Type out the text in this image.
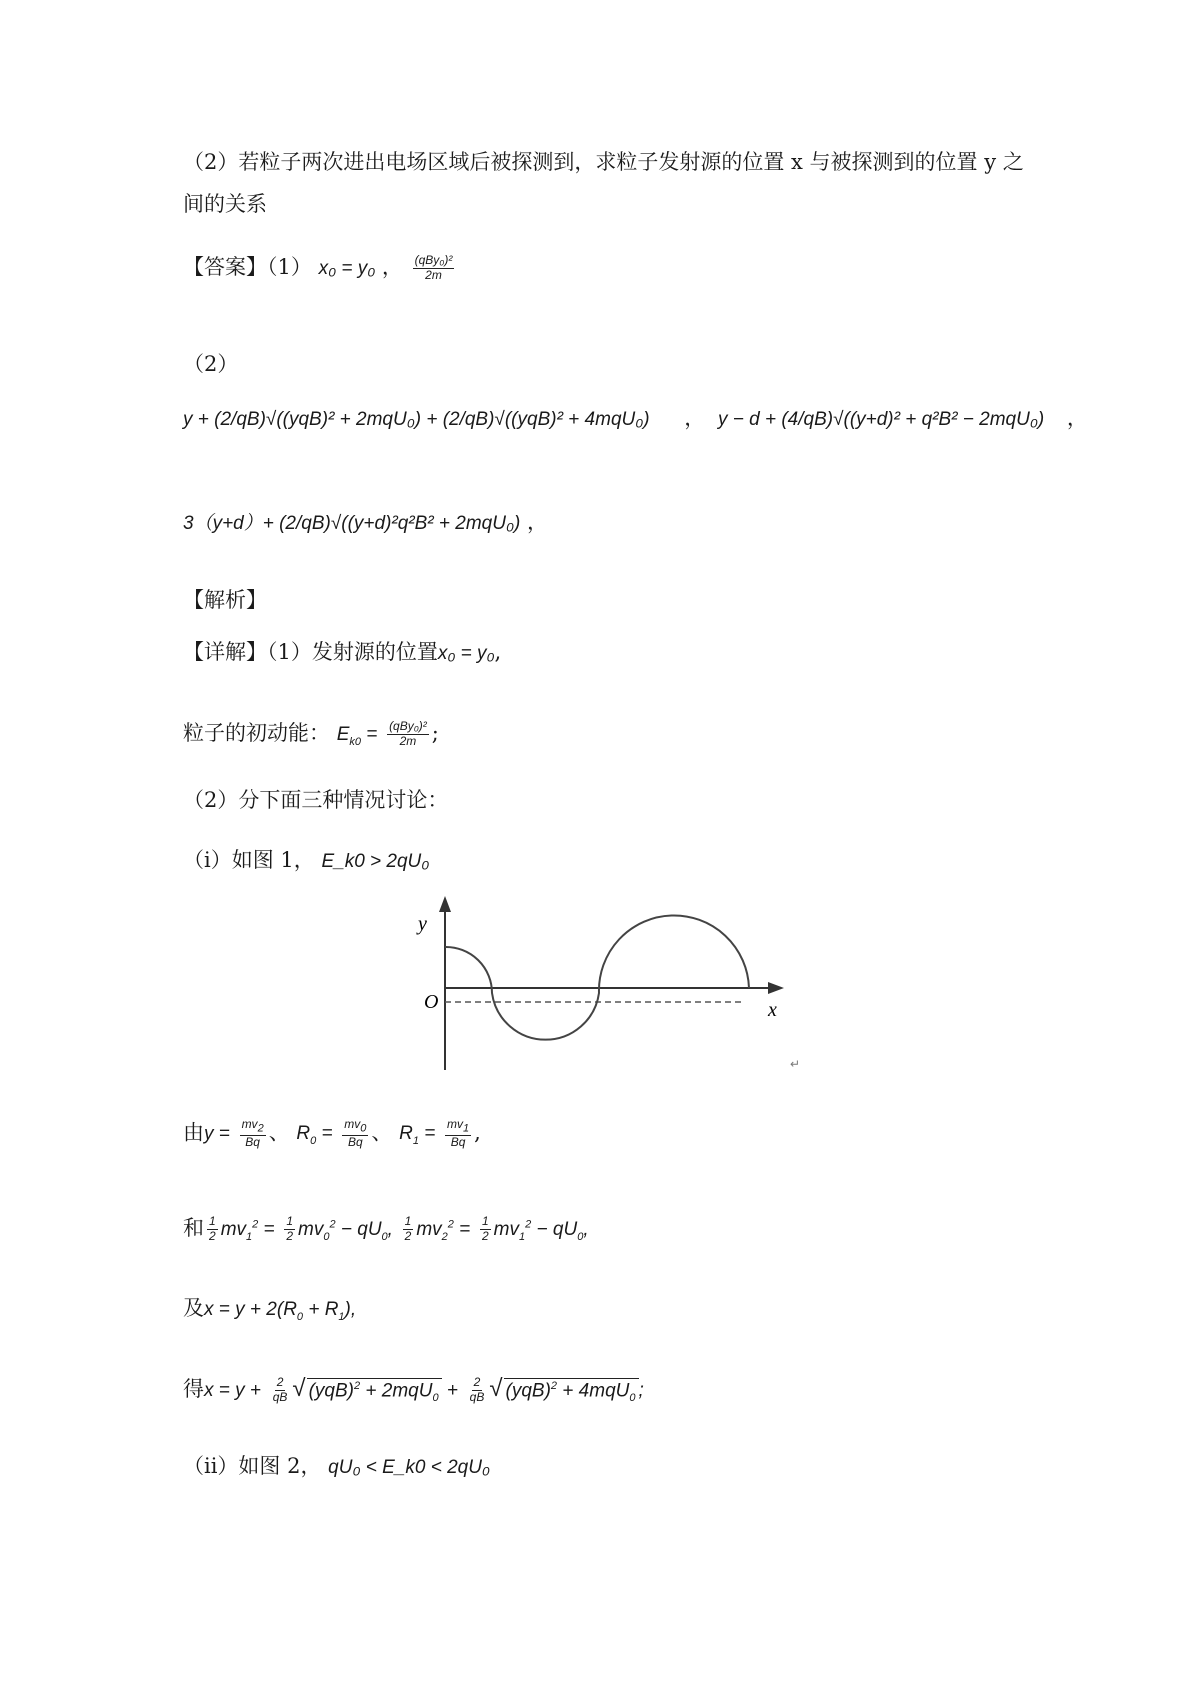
（2）若粒子两次进出电场区域后被探测到，求粒子发射源的位置 x 与被探测到的位置 y 之
间的关系
【答案】（1） x₀ = y₀ ， (qBy₀)²
2m
（2）
y + (2/qB)√((yqB)² + 2mqU₀) + (2/qB)√((yqB)² + 4mqU₀) ， y − d + (4/qB)√((y+d)² + q²B² − 2mqU₀) ，
3（y+d）+ (2/qB)√((y+d)²q²B² + 2mqU₀) ，
【解析】
【详解】（1）发射源的位置x₀ = y₀,
粒子的初动能： $E_{k0} = (qBy_0)^2$
2m ;
（2）分下面三种情况讨论：
（i）如图 1， E_k0 > 2qU₀
y
x
O
↵
由$y = \frac{mv_2}{Bq}$ 、 $R_0 = \frac{mv_0}{Bq}$ 、 $R_1 = \frac{mv_1}{Bq}$ ,
和 $\frac{1}{2} mv_1^2 = \frac{1}{2} mv_0^2 - qU_0$, $\frac{1}{2} mv_2^2 = \frac{1}{2} mv_1^2 - qU_0$,
及$x = y + 2(R_0 + R_1)$,
得$x = y + \frac{2}{qB}$ √ $(yqB)^2 + 2mqU_0 + \frac{2}{qB}$ √ (yqB)$^2$ + 4mqU$_0$ ;
（ii）如图 2， qU₀ < E_k0 < 2qU₀
